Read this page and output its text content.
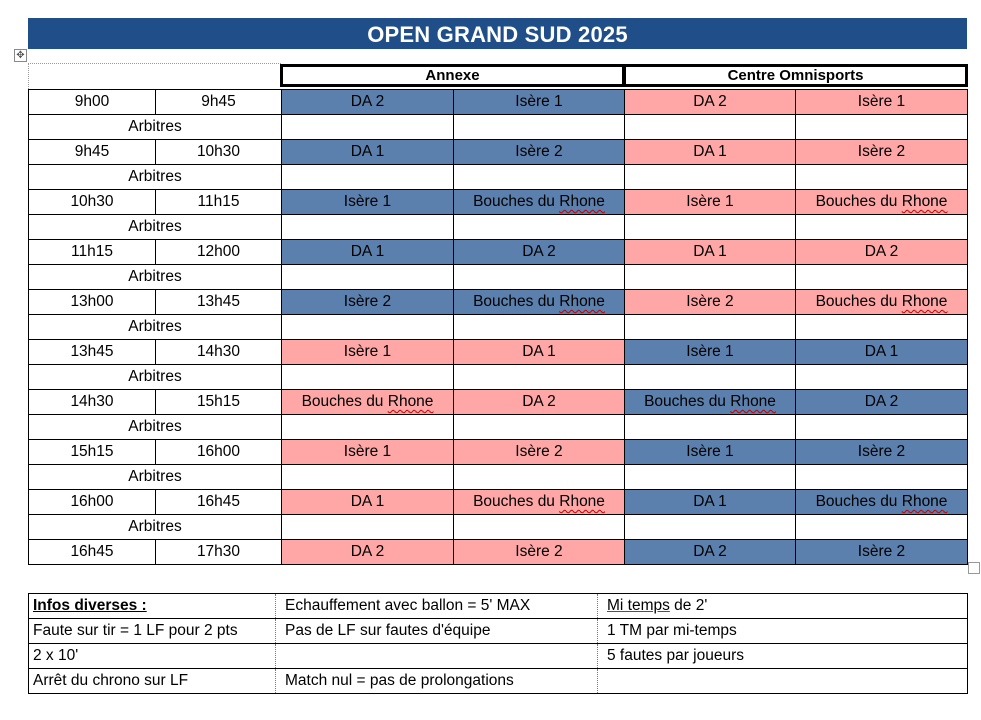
OPEN GRAND SUD 2025
✥
Annexe	Centre Omnisports
9h00	9h45	DA 2	Isère 1	DA 2	Isère 1
Arbitres					
9h45	10h30	DA 1	Isère 2	DA 1	Isère 2
Arbitres					
10h30	11h15	Isère 1	Bouches du Rhone	Isère 1	Bouches du Rhone
Arbitres					
11h15	12h00	DA 1	DA 2	DA 1	DA 2
Arbitres					
13h00	13h45	Isère 2	Bouches du Rhone	Isère 2	Bouches du Rhone
Arbitres					
13h45	14h30	Isère 1	DA 1	Isère 1	DA 1
Arbitres					
14h30	15h15	Bouches du Rhone	DA 2	Bouches du Rhone	DA 2
Arbitres					
15h15	16h00	Isère 1	Isère 2	Isère 1	Isère 2
Arbitres					
16h00	16h45	DA 1	Bouches du Rhone	DA 1	Bouches du Rhone
Arbitres					
16h45	17h30	DA 2	Isère 2	DA 2	Isère 2
Infos diverses :	Echauffement avec ballon = 5' MAX	Mi temps de 2'
Faute sur tir = 1 LF pour 2 pts	Pas de LF sur fautes d'équipe	1 TM par mi-temps
2 x 10'		5 fautes par joueurs
Arrêt du chrono sur LF	Match nul = pas de prolongations	
